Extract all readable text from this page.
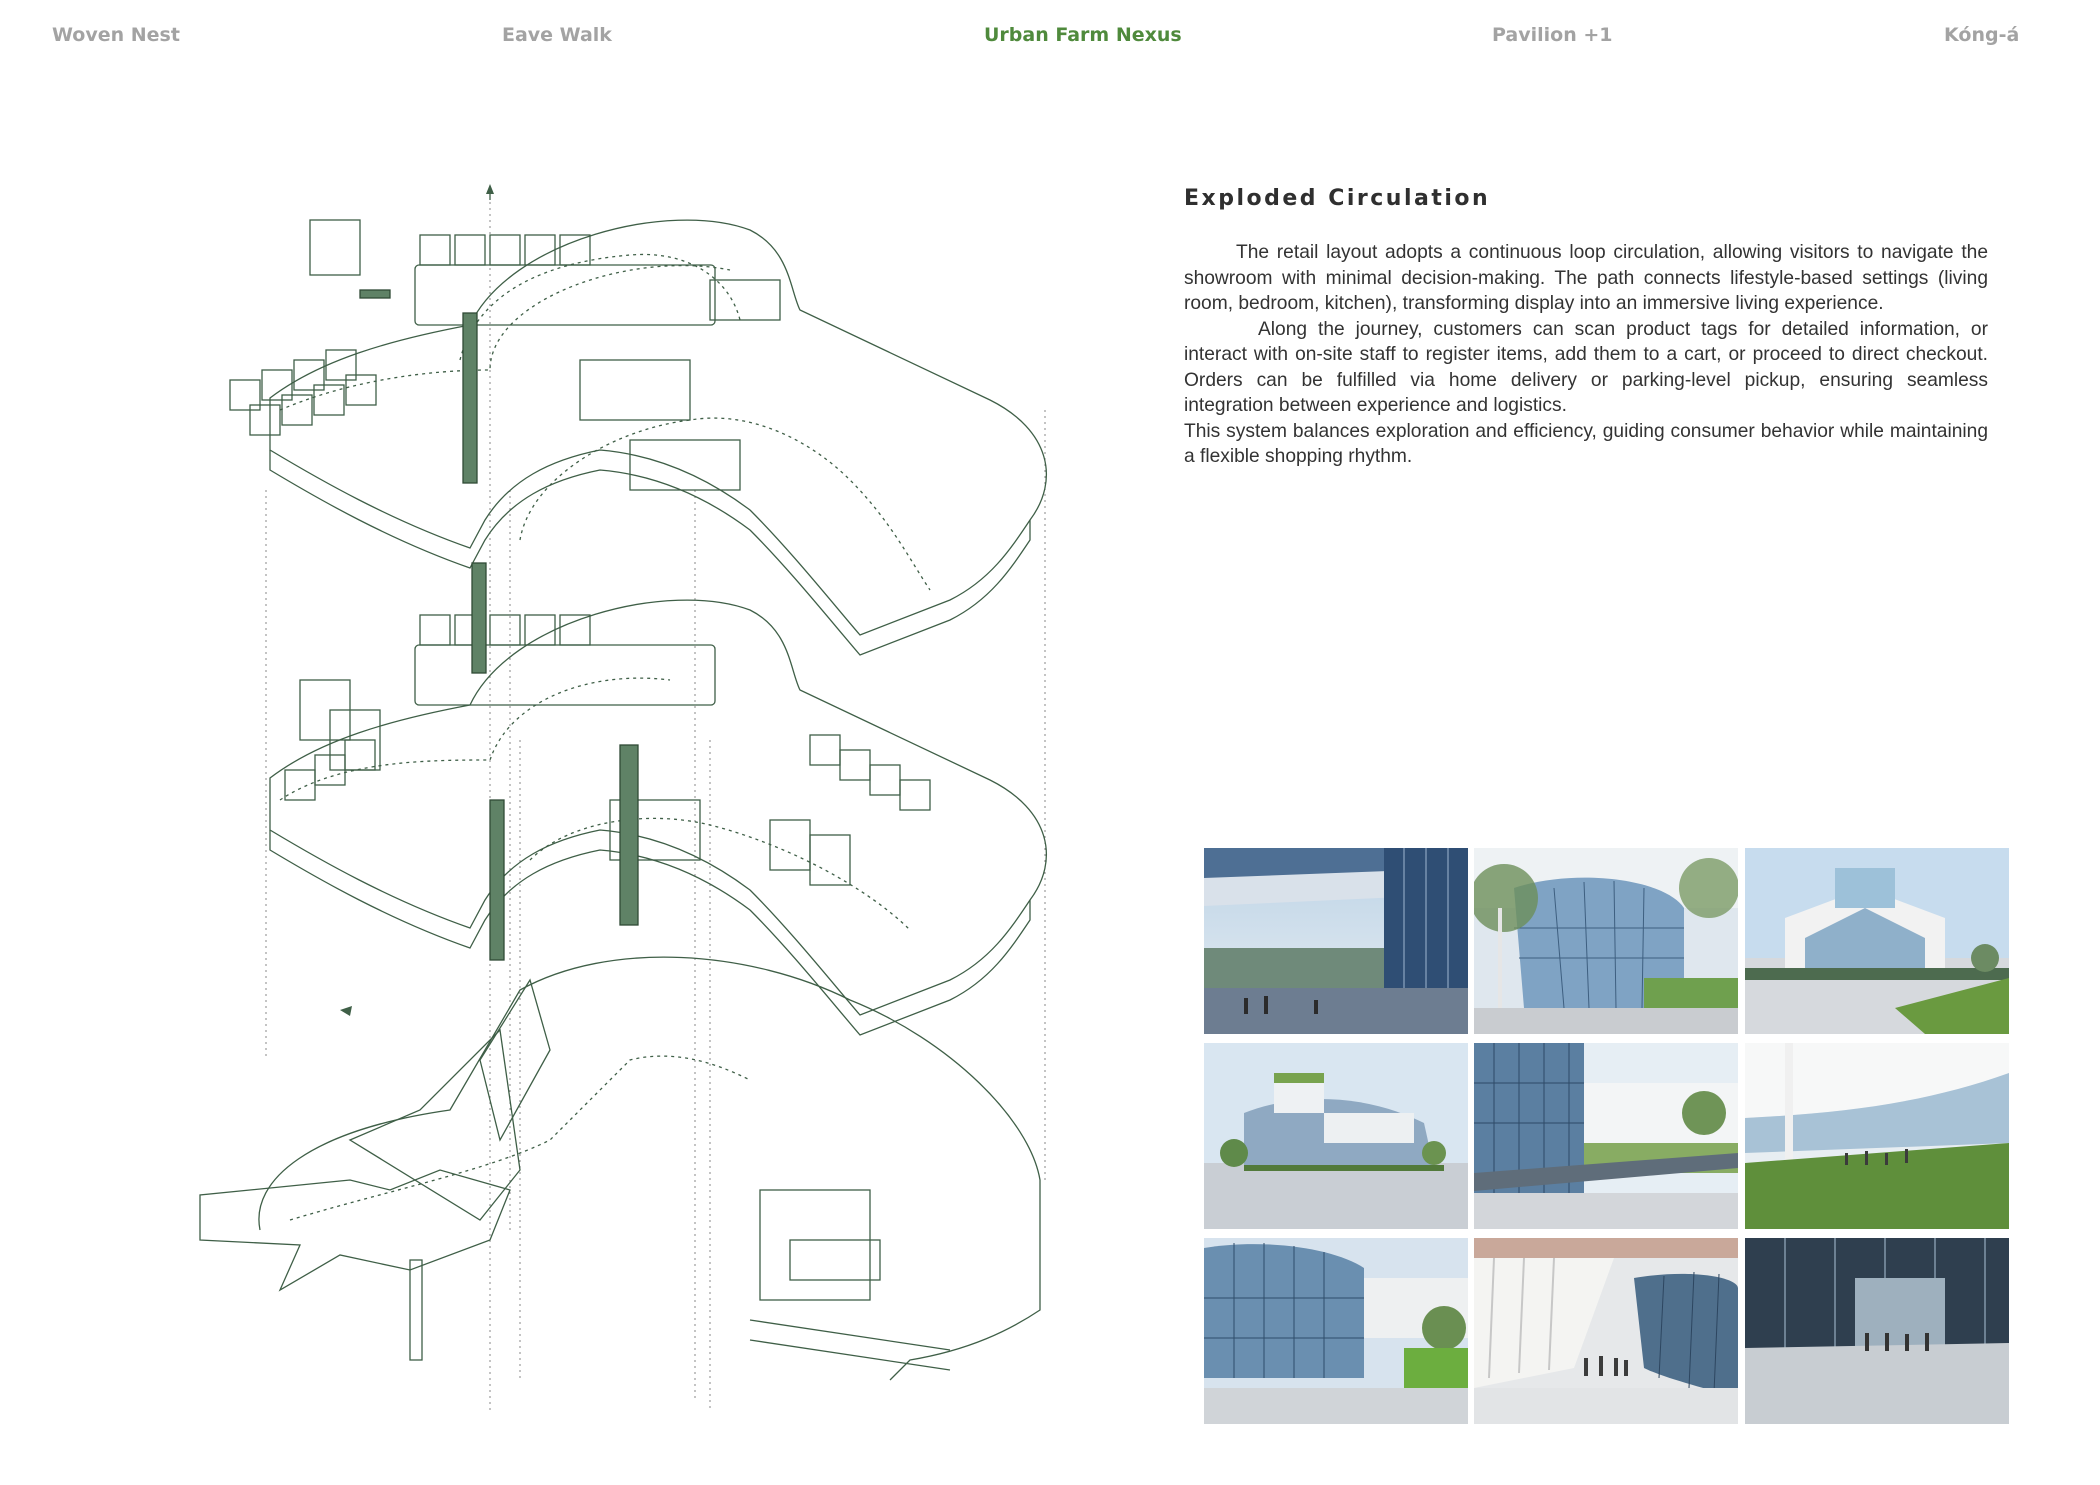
Woven Nest	Eave Walk	Urban Farm Nexus	Pavilion +1	Kóng-á
Exploded Circulation

The retail layout adopts a continuous loop circulation, allowing visitors to navigate the showroom with minimal decision-making. The path connects lifestyle-based settings (living room, bedroom, kitchen), transforming display into an immersive living experience.

Along the journey, customers can scan product tags for detailed information, or interact with on-site staff to register items, add them to a cart, or proceed to direct checkout. Orders can be fulfilled via home delivery or parking-level pickup, ensuring seamless integration between experience and logistics.

This system balances exploration and efficiency, guiding consumer behavior while maintaining a flexible shopping rhythm.
